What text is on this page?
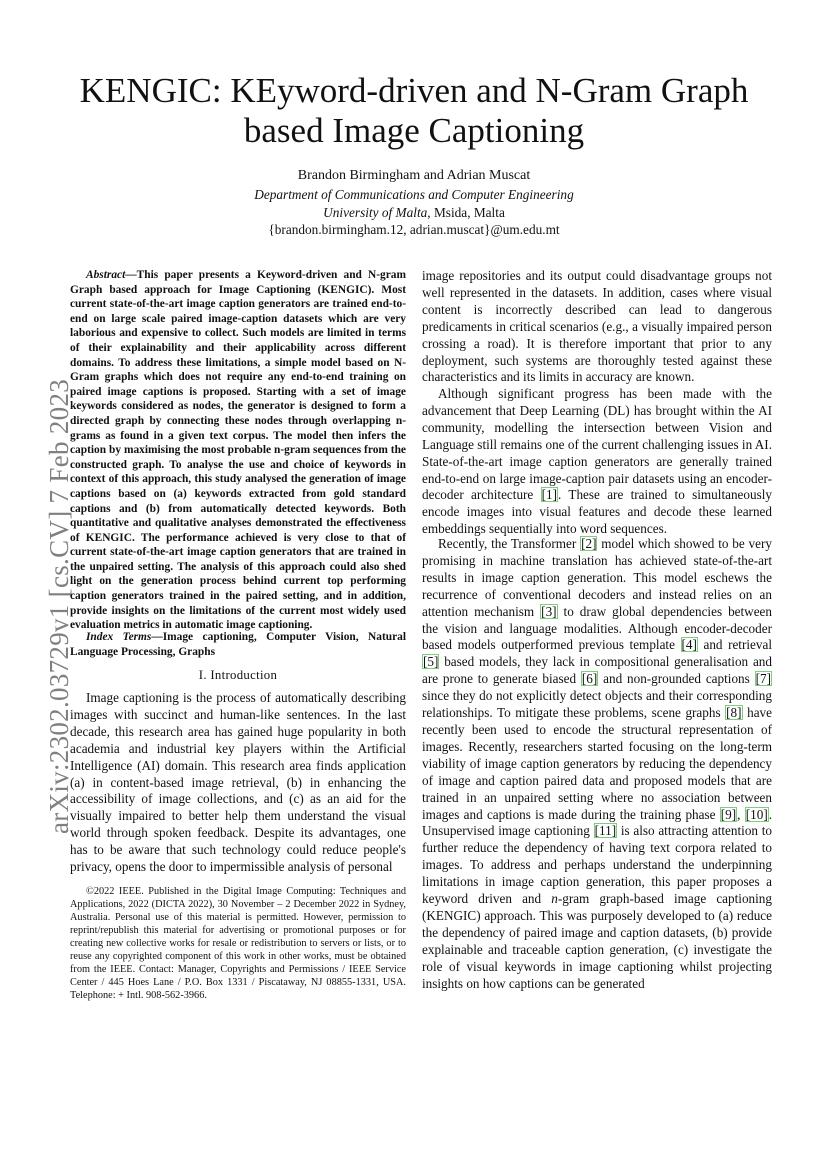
KENGIC: KEyword-driven and N-Gram Graph
based Image Captioning
Brandon Birmingham and Adrian Muscat
Department of Communications and Computer Engineering
University of Malta, Msida, Malta
{brandon.birmingham.12, adrian.muscat}@um.edu.mt
arXiv:2302.03729v1 [cs.CV] 7 Feb 2023

Abstract—This paper presents a Keyword-driven and N-gram Graph based approach for Image Captioning (KENGIC). Most current state-of-the-art image caption generators are trained end-to-end on large scale paired image-caption datasets which are very laborious and expensive to collect. Such models are limited in terms of their explainability and their applicability across different domains. To address these limitations, a simple model based on N-Gram graphs which does not require any end-to-end training on paired image captions is proposed. Starting with a set of image keywords considered as nodes, the generator is designed to form a directed graph by connecting these nodes through overlapping n-grams as found in a given text corpus. The model then infers the caption by maximising the most probable n-gram sequences from the constructed graph. To analyse the use and choice of keywords in context of this approach, this study analysed the generation of image captions based on (a) keywords extracted from gold standard captions and (b) from automatically detected keywords. Both quantitative and qualitative analyses demonstrated the effectiveness of KENGIC. The performance achieved is very close to that of current state-of-the-art image caption generators that are trained in the unpaired setting. The analysis of this approach could also shed light on the generation process behind current top performing caption generators trained in the paired setting, and in addition, provide insights on the limitations of the current most widely used evaluation metrics in automatic image captioning.

Index Terms—Image captioning, Computer Vision, Natural Language Processing, Graphs

I. Introduction

Image captioning is the process of automatically describing images with succinct and human-like sentences. In the last decade, this research area has gained huge popularity in both academia and industrial key players within the Artificial Intelligence (AI) domain. This research area finds application (a) in content-based image retrieval, (b) in enhancing the accessibility of image collections, and (c) as an aid for the visually impaired to better help them understand the visual world through spoken feedback. Despite its advantages, one has to be aware that such technology could reduce people's privacy, opens the door to impermissible analysis of personal

©2022 IEEE. Published in the Digital Image Computing: Techniques and Applications, 2022 (DICTA 2022), 30 November – 2 December 2022 in Sydney, Australia. Personal use of this material is permitted. However, permission to reprint/republish this material for advertising or promotional purposes or for creating new collective works for resale or redistribution to servers or lists, or to reuse any copyrighted component of this work in other works, must be obtained from the IEEE. Contact: Manager, Copyrights and Permissions / IEEE Service Center / 445 Hoes Lane / P.O. Box 1331 / Piscataway, NJ 08855-1331, USA. Telephone: + Intl. 908-562-3966.

image repositories and its output could disadvantage groups not well represented in the datasets. In addition, cases where visual content is incorrectly described can lead to dangerous predicaments in critical scenarios (e.g., a visually impaired person crossing a road). It is therefore important that prior to any deployment, such systems are thoroughly tested against these characteristics and its limits in accuracy are known.

Although significant progress has been made with the advancement that Deep Learning (DL) has brought within the AI community, modelling the intersection between Vision and Language still remains one of the current challenging issues in AI. State-of-the-art image caption generators are generally trained end-to-end on large image-caption pair datasets using an encoder-decoder architecture [1]. These are trained to simultaneously encode images into visual features and decode these learned embeddings sequentially into word sequences.

Recently, the Transformer [2] model which showed to be very promising in machine translation has achieved state-of-the-art results in image caption generation. This model eschews the recurrence of conventional decoders and instead relies on an attention mechanism [3] to draw global dependencies between the vision and language modalities. Although encoder-decoder based models outperformed previous template [4] and retrieval [5] based models, they lack in compositional generalisation and are prone to generate biased [6] and non-grounded captions [7] since they do not explicitly detect objects and their corresponding relationships. To mitigate these problems, scene graphs [8] have recently been used to encode the structural representation of images. Recently, researchers started focusing on the long-term viability of image caption generators by reducing the dependency of image and caption paired data and proposed models that are trained in an unpaired setting where no association between images and captions is made during the training phase [9], [10]. Unsupervised image captioning [11] is also attracting attention to further reduce the dependency of having text corpora related to images. To address and perhaps understand the underpinning limitations in image caption generation, this paper proposes a keyword driven and n-gram graph-based image captioning (KENGIC) approach. This was purposely developed to (a) reduce the dependency of paired image and caption datasets, (b) provide explainable and traceable caption generation, (c) investigate the role of visual keywords in image captioning whilst projecting insights on how captions can be generated
